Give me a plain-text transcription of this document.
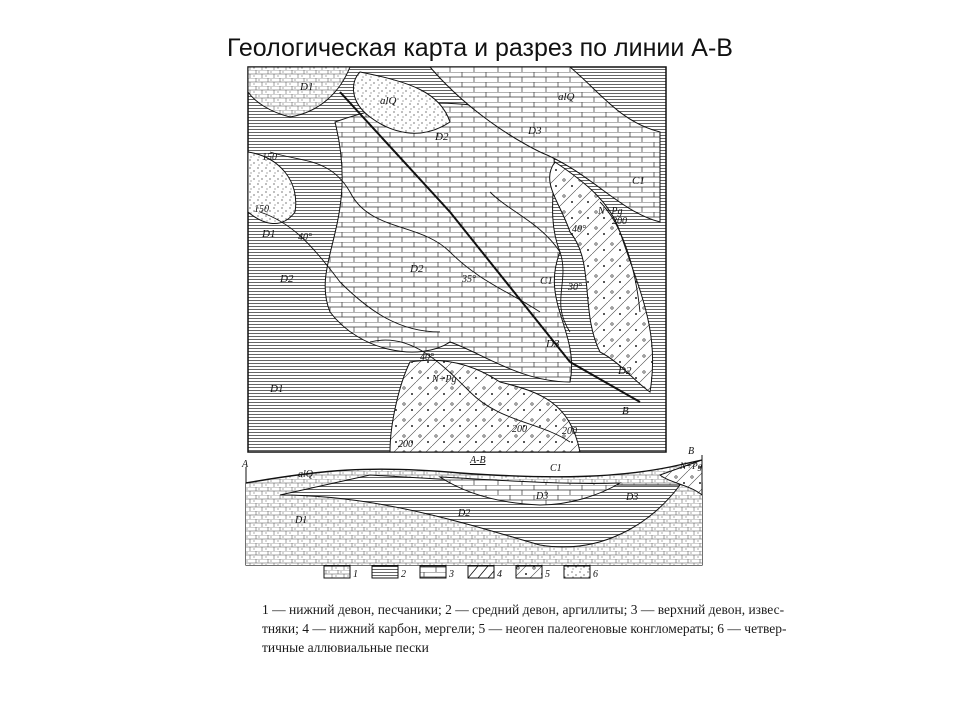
Геологическая карта и разрез по линии А-В
D1
D1
D1
D2
D2
D2
D2
D3
D3
C1
C1
alQ	alQ
N+Pg
N+Pg
150
150
200
200
200	200
40°
35°
30°
40°
40°
В
A-B
А
В
alQ
C1	N+Pg
D3
D2
D1
D3
1	2	3	4	5	6

1 — нижний девон, песчаники; 2 — средний девон, аргиллиты; 3 — верхний девон, извес-

тняки; 4 — нижний карбон, мергели; 5 — неоген палеогеновые конгломераты; 6 — четвер-

тичные аллювиальные пески
